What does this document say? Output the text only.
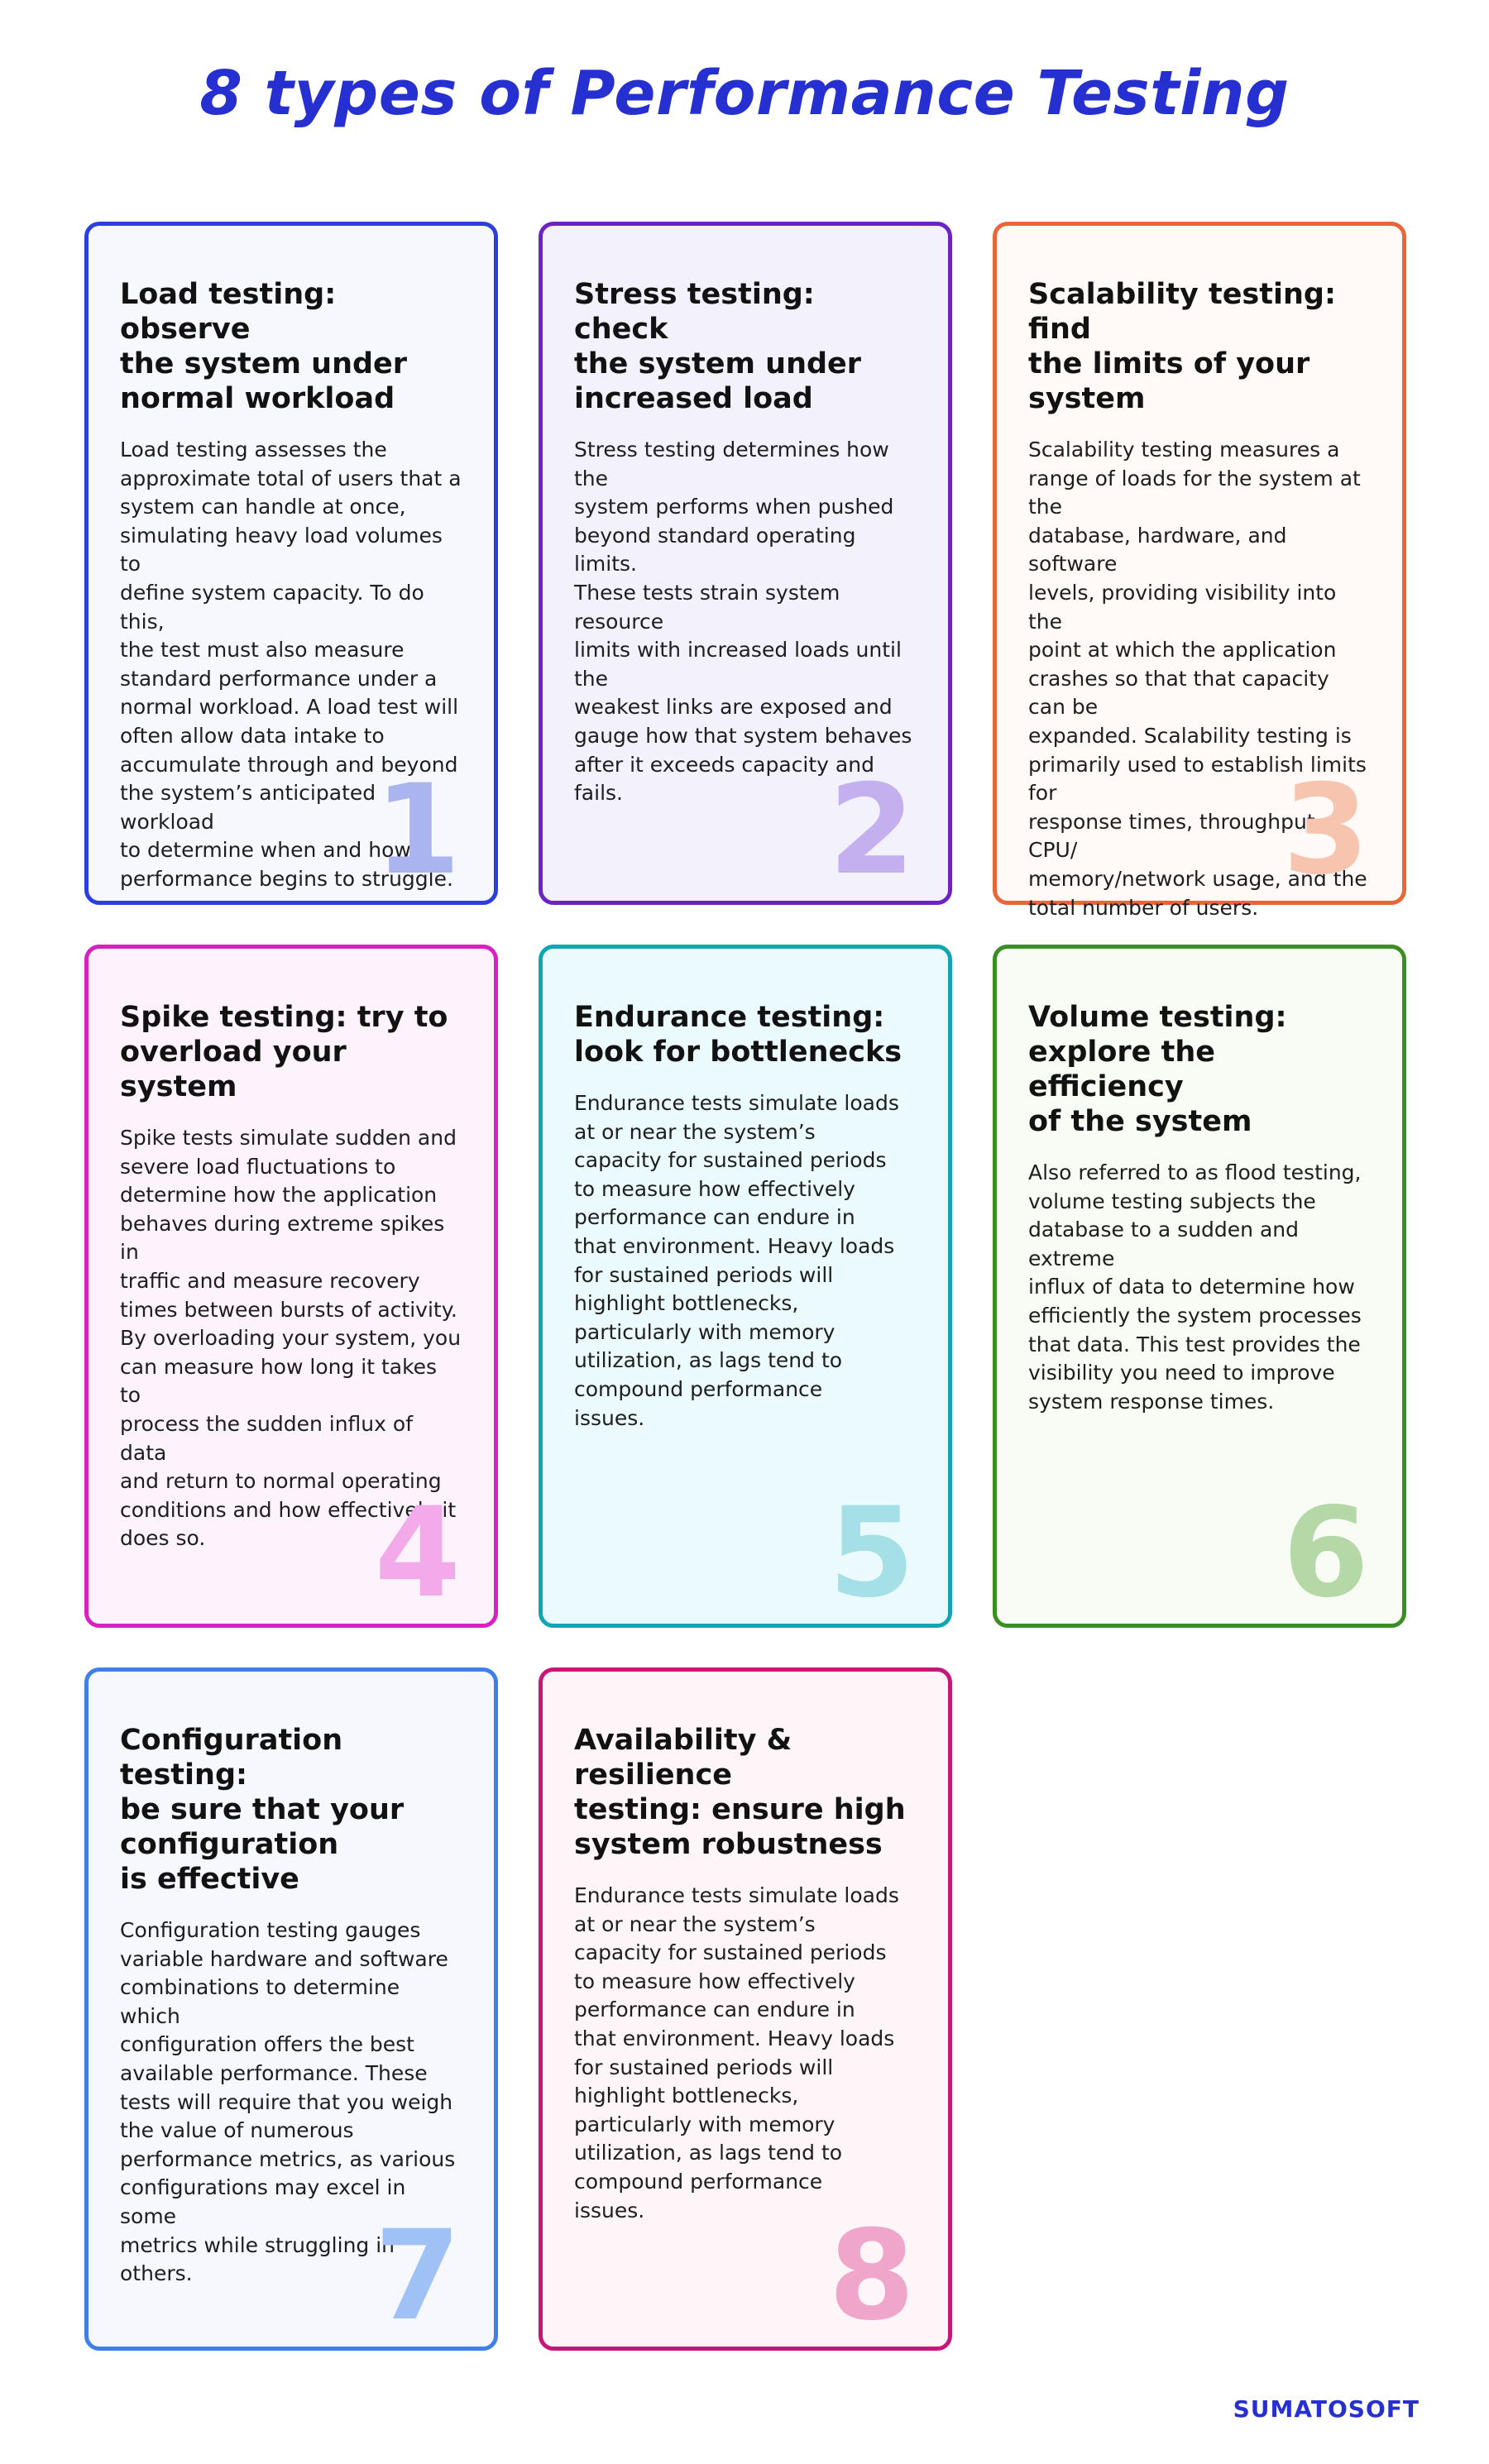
8 types of Performance Testing
Load testing: observe
the system under
normal workload

Load testing assesses the
approximate total of users that a
system can handle at once,
simulating heavy load volumes to
define system capacity. To do this,
the test must also measure
standard performance under a
normal workload. A load test will
often allow data intake to
accumulate through and beyond
the system’s anticipated workload
to determine when and how
performance begins to struggle.

1
Stress testing: check
the system under
increased load

Stress testing determines how the
system performs when pushed
beyond standard operating limits.
These tests strain system resource
limits with increased loads until the
weakest links are exposed and
gauge how that system behaves
after it exceeds capacity and fails.	2
Scalability testing: find
the limits of your
system

Scalability testing measures a
range of loads for the system at the
database, hardware, and software
levels, providing visibility into the
point at which the application
crashes so that that capacity can be
expanded. Scalability testing is
primarily used to establish limits for
response times, throughput, CPU/
memory/network usage, and the
total number of users.

3
Spike testing: try to
overload your system

Spike tests simulate sudden and
severe load fluctuations to
determine how the application
behaves during extreme spikes in
traffic and measure recovery
times between bursts of activity.
By overloading your system, you
can measure how long it takes to
process the sudden influx of data
and return to normal operating
conditions and how effectively it
does so.	4
Endurance testing:
look for bottlenecks

Endurance tests simulate loads
at or near the system’s
capacity for sustained periods
to measure how effectively
performance can endure in
that environment. Heavy loads
for sustained periods will
highlight bottlenecks,
particularly with memory
utilization, as lags tend to
compound performance
issues.

5
Volume testing:
explore the efficiency
of the system

Also referred to as flood testing,
volume testing subjects the
database to a sudden and extreme
influx of data to determine how
efficiently the system processes
that data. This test provides the
visibility you need to improve
system response times.

6
Configuration testing:
be sure that your
configuration
is effective

Configuration testing gauges
variable hardware and software
combinations to determine which
configuration offers the best
available performance. These
tests will require that you weigh
the value of numerous
performance metrics, as various
configurations may excel in some
metrics while struggling in others.	7
Availability & resilience
testing: ensure high
system robustness

Endurance tests simulate loads
at or near the system’s
capacity for sustained periods
to measure how effectively
performance can endure in
that environment. Heavy loads
for sustained periods will
highlight bottlenecks,
particularly with memory
utilization, as lags tend to
compound performance
issues.	8
SUMATOSOFT
